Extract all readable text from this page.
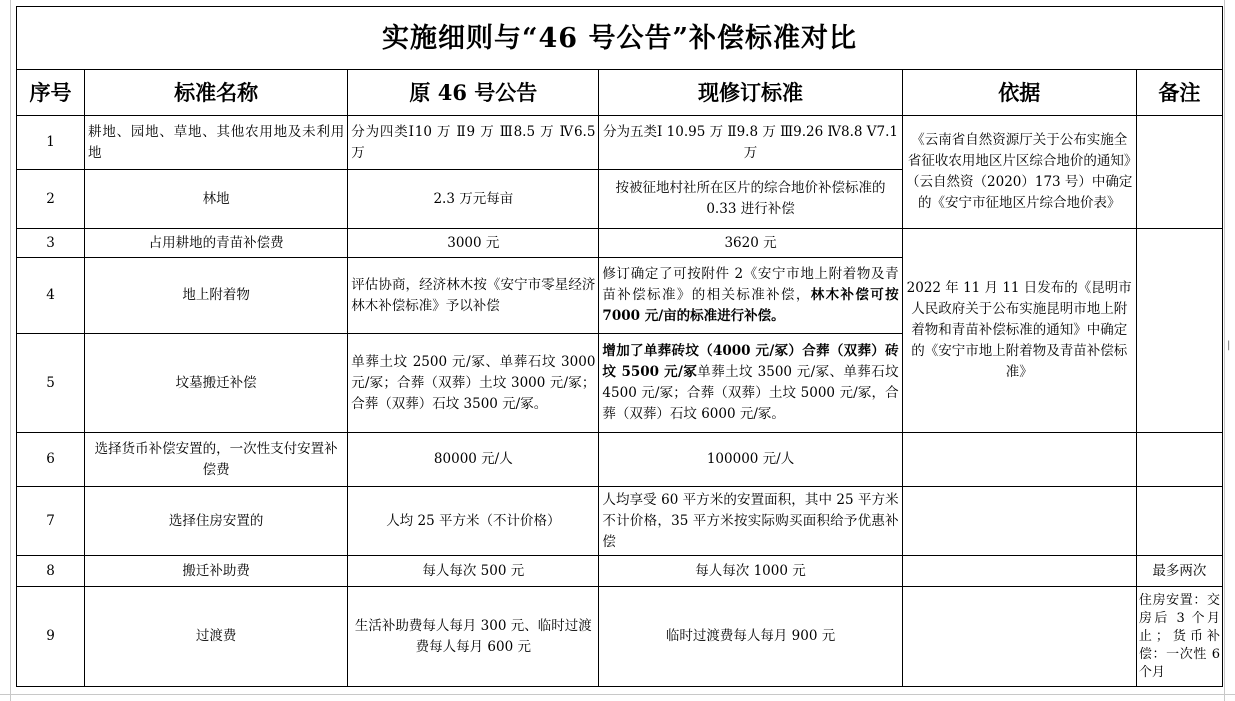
|
实施细则与“46 号公告”补偿标准对比					
序号	标准名称	原 46 号公告	现修订标准	依据	备注
1	耕地、园地、草地、其他农用地及未利用地	分为四类Ⅰ10 万 Ⅱ9 万 Ⅲ8.5 万 Ⅳ6.5 万	分为五类Ⅰ 10.95 万 Ⅱ9.8 万 Ⅲ9.26 Ⅳ8.8 Ⅴ7.1 万	《云南省自然资源厅关于公布实施全省征收农用地区片区综合地价的通知》（云自然资（2020）173 号）中确定的《安宁市征地区片综合地价表》	
2	林地	2.3 万元每亩	按被征地村社所在区片的综合地价补偿标准的 0.33 进行补偿		
3	占用耕地的青苗补偿费	3000 元	3620 元	2022 年 11 月 11 日发布的《昆明市人民政府关于公布实施昆明市地上附着物和青苗补偿标准的通知》中确定的《安宁市地上附着物及青苗补偿标准》	
4	地上附着物	评估协商，经济林木按《安宁市零星经济林木补偿标准》予以补偿	修订确定了可按附件 2《安宁市地上附着物及青苗补偿标准》的相关标准补偿，林木补偿可按 7000 元/亩的标准进行补偿。		
5	坟墓搬迁补偿	单葬土坟 2500 元/冢、单葬石坟 3000 元/冢；合葬（双葬）土坟 3000 元/冢；合葬（双葬）石坟 3500 元/冢。	增加了单葬砖坟（4000 元/冢）合葬（双葬）砖坟 5500 元/冢单葬土坟 3500 元/冢、单葬石坟 4500 元/冢；合葬（双葬）土坟 5000 元/冢，合葬（双葬）石坟 6000 元/冢。		
6	选择货币补偿安置的，一次性支付安置补偿费	80000 元/人	100000 元/人		
7	选择住房安置的	人均 25 平方米（不计价格）	人均享受 60 平方米的安置面积，其中 25 平方米不计价格，35 平方米按实际购买面积给予优惠补偿		
8	搬迁补助费	每人每次 500 元	每人每次 1000 元		最多两次
9	过渡费	生活补助费每人每月 300 元、临时过渡费每人每月 600 元	临时过渡费每人每月 900 元		住房安置：交房后 3 个月止；货币补偿：一次性 6 个月
